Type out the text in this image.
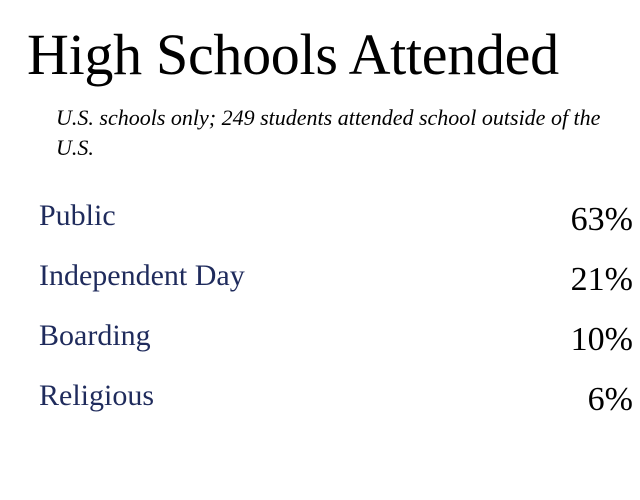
High Schools Attended
U.S. schools only; 249 students attended school outside of the U.S.
Public	63%
Independent Day	21%
Boarding	10%
Religious	6%
